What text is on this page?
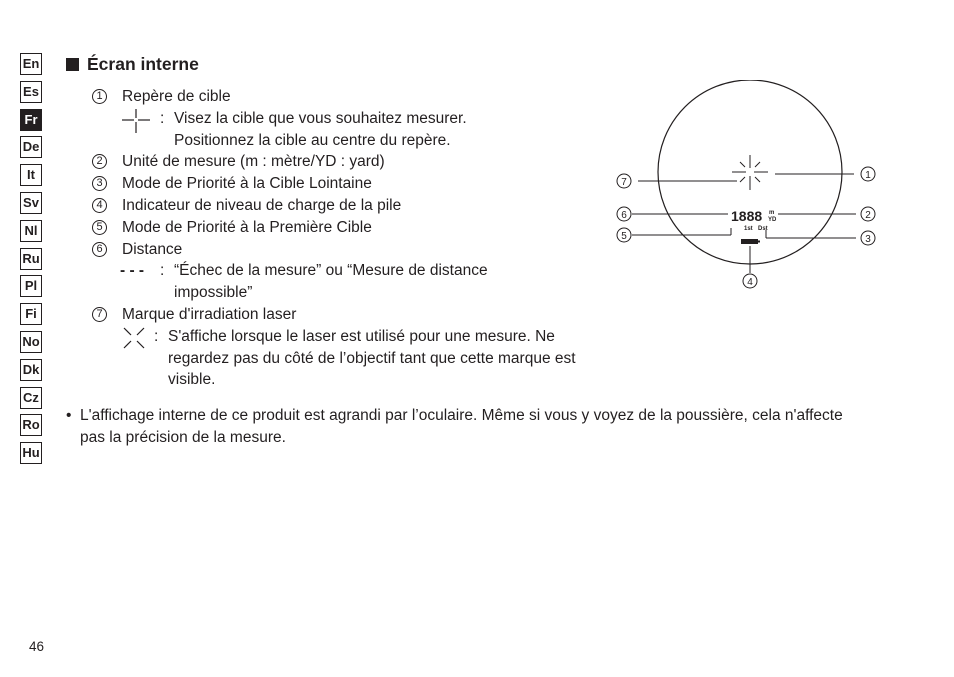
En
Es
Fr
De
It
Sv
Nl
Ru
Pl
Fi
No
Dk
Cz
Ro
Hu
Écran interne
1 Repère de cible
: Visez la cible que vous souhaitez mesurer.
Positionnez la cible au centre du repère.
2 Unité de mesure (m : mètre/YD : yard)
3 Mode de Priorité à la Cible Lointaine
4 Indicateur de niveau de charge de la pile
5 Mode de Priorité à la Première Cible
6 Distance
- - -	: “Échec de la mesure” ou “Mesure de distance impossible”
7 Marque d'irradiation laser
: S'affiche lorsque le laser est utilisé pour une mesure. Ne regardez pas du côté de l’objectif tant que cette marque est visible.
• L'affichage interne de ce produit est agrandi par l’oculaire. Même si vous y voyez de la poussière, cela n'affecte pas la précision de la mesure.
1888 m
YD
1st Dst
7
1
6	2
5	3
4
46
